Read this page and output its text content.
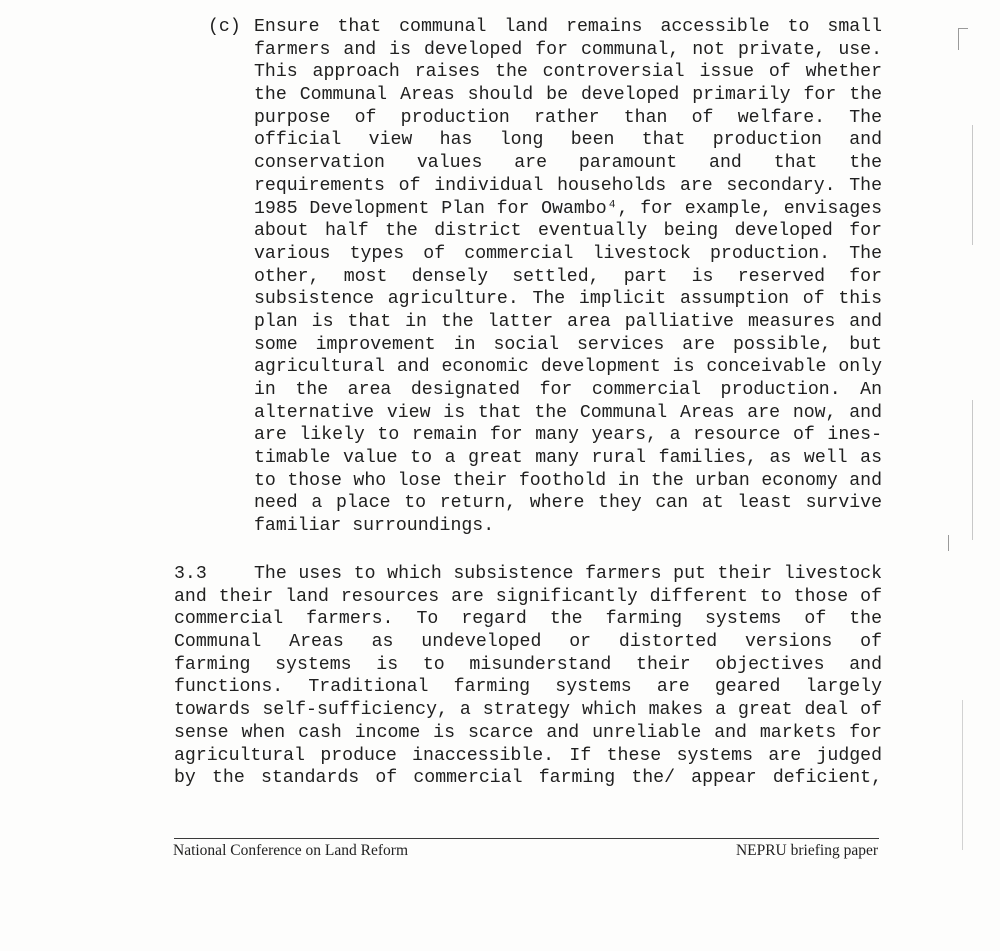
(c) Ensure that communal land remains accessible to small
farmers and is developed for communal, not private, use.
This approach raises the controversial issue of whether
the Communal Areas should be developed primarily for the
purpose of production rather than of welfare. The
official view has long been that production and
conservation values are paramount and that the
requirements of individual households are secondary. The
1985 Development Plan for Owambo⁴, for example, envisages
about half the district eventually being developed for
various types of commercial livestock production. The
other, most densely settled, part is reserved for
subsistence agriculture. The implicit assumption of this
plan is that in the latter area palliative measures and
some improvement in social services are possible, but
agricultural and economic development is conceivable only
in the area designated for commercial production. An
alternative view is that the Communal Areas are now, and
are likely to remain for many years, a resource of ines-
timable value to a great many rural families, as well as
to those who lose their foothold in the urban economy and
need a place to return, where they can at least survive
familiar surroundings.
3.3	The uses to which subsistence farmers put their livestock
and their land resources are significantly different to those of
commercial farmers. To regard the farming systems of the
Communal Areas as undeveloped or distorted versions of
farming systems is to misunderstand their objectives and
functions. Traditional farming systems are geared largely
towards self-sufficiency, a strategy which makes a great deal of
sense when cash income is scarce and unreliable and markets for
agricultural produce inaccessible. If these systems are judged
by the standards of commercial farming the/ appear deficient,
National Conference on Land Reform	NEPRU briefing paper
